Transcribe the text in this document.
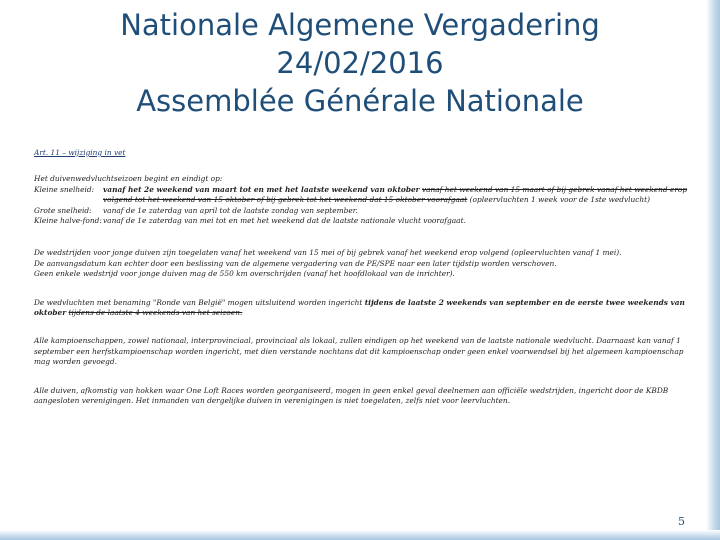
Nationale Algemene Vergadering
24/02/2016
Assemblée Générale Nationale

Art. 11 – wijziging in vet

Het duivenwedvluchtseizoen begint en eindigt op:

Kleine snelheid:	vanaf het 2e weekend van maart tot en met het laatste weekend van oktober vanaf het weekend van 15 maart of bij gebrek vanaf het weekend erop volgend tot het weekend van 15 oktober of bij gebrek tot het weekend dat 15 oktober voorafgaat (opleervluchten 1 week voor de 1ste wedvlucht)
Grote snelheid:	vanaf de 1e zaterdag van april tot de laatste zondag van september.
Kleine halve-fond: vanaf de 1e zaterdag van mei tot en met het weekend dat de laatste nationale vlucht voorafgaat.

De wedstrijden voor jonge duiven zijn toegelaten vanaf het weekend van 15 mei of bij gebrek vanaf het weekend erop volgend (opleervluchten vanaf 1 mei).

De aanvangsdatum kan echter door een beslissing van de algemene vergadering van de PE/SPE naar een later tijdstip worden verschoven.

Geen enkele wedstrijd voor jonge duiven mag de 550 km overschrijden (vanaf het hoofdlokaal van de inrichter).

De wedvluchten met benaming "Ronde van België" mogen uitsluitend worden ingericht tijdens de laatste 2 weekends van september en de eerste twee weekends van oktober tijdens de laatste 4 weekends van het seizoen.

Alle kampioenschappen, zowel nationaal, interprovinciaal, provinciaal als lokaal, zullen eindigen op het weekend van de laatste nationale wedvlucht. Daarnaast kan vanaf 1 september een herfstkampioenschap worden ingericht, met dien verstande nochtans dat dit kampioenschap onder geen enkel voorwendsel bij het algemeen kampioenschap mag worden gevoegd.

Alle duiven, afkomstig van hokken waar One Loft Races worden georganiseerd, mogen in geen enkel geval deelnemen aan officiële wedstrijden, ingericht door de KBDB aangesloten verenigingen. Het inmanden van dergelijke duiven in verenigingen is niet toegelaten, zelfs niet voor leervluchten.

5
